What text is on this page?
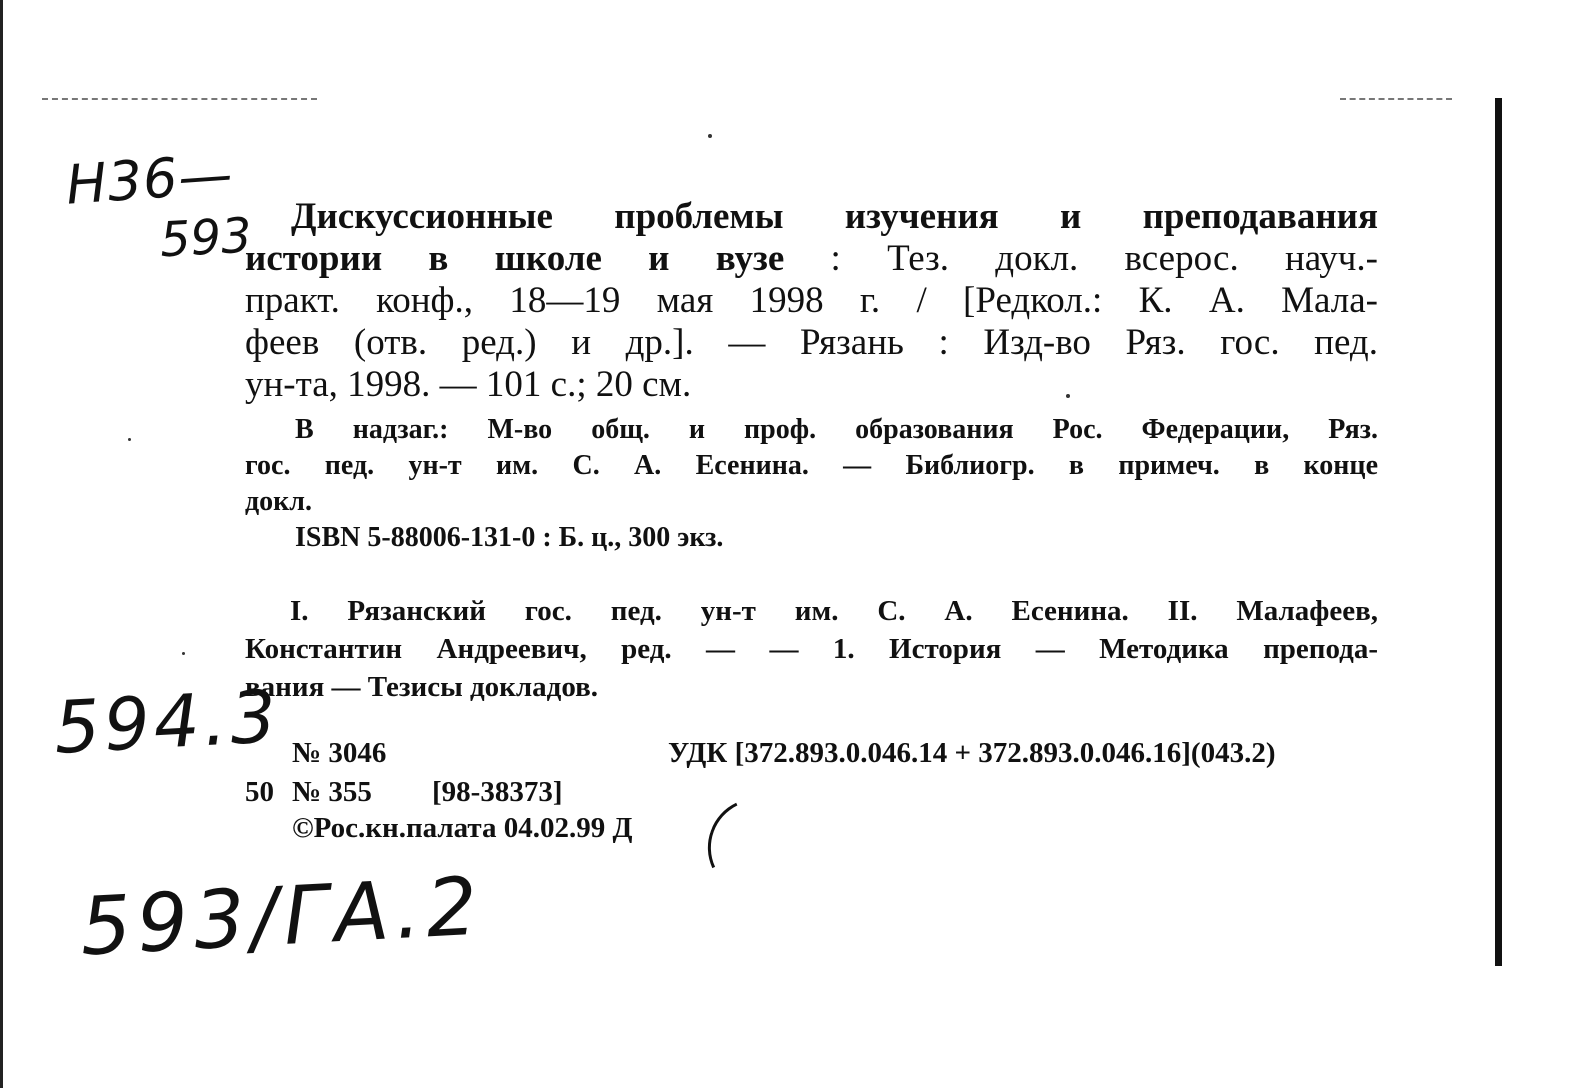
Н36—
593
594.3
593/ГА.2
Дискуссионные проблемы изучения и преподавания
истории в школе и вузе : Тез. докл. всерос. науч.-
практ. конф., 18—19 мая 1998 г. / [Редкол.: К. А. Мала-
феев (отв. ред.) и др.]. — Рязань : Изд-во Ряз. гос. пед.
ун-та, 1998. — 101 с.; 20 см.
В надзаг.: М-во общ. и проф. образования Рос. Федерации, Ряз.
гос. пед. ун-т им. С. А. Есенина. — Библиогр. в примеч. в конце
докл.
ISBN 5-88006-131-0 : Б. ц., 300 экз.
I. Рязанский гос. пед. ун-т им. С. А. Есенина. II. Малафеев,
Константин Андреевич, ред. — — 1. История — Методика препода-
вания — Тезисы докладов.
№ 3046	УДК [372.893.0.046.14 + 372.893.0.046.16](043.2)
50 № 355 [98-38373]
©Рос.кн.палата 04.02.99 Д
